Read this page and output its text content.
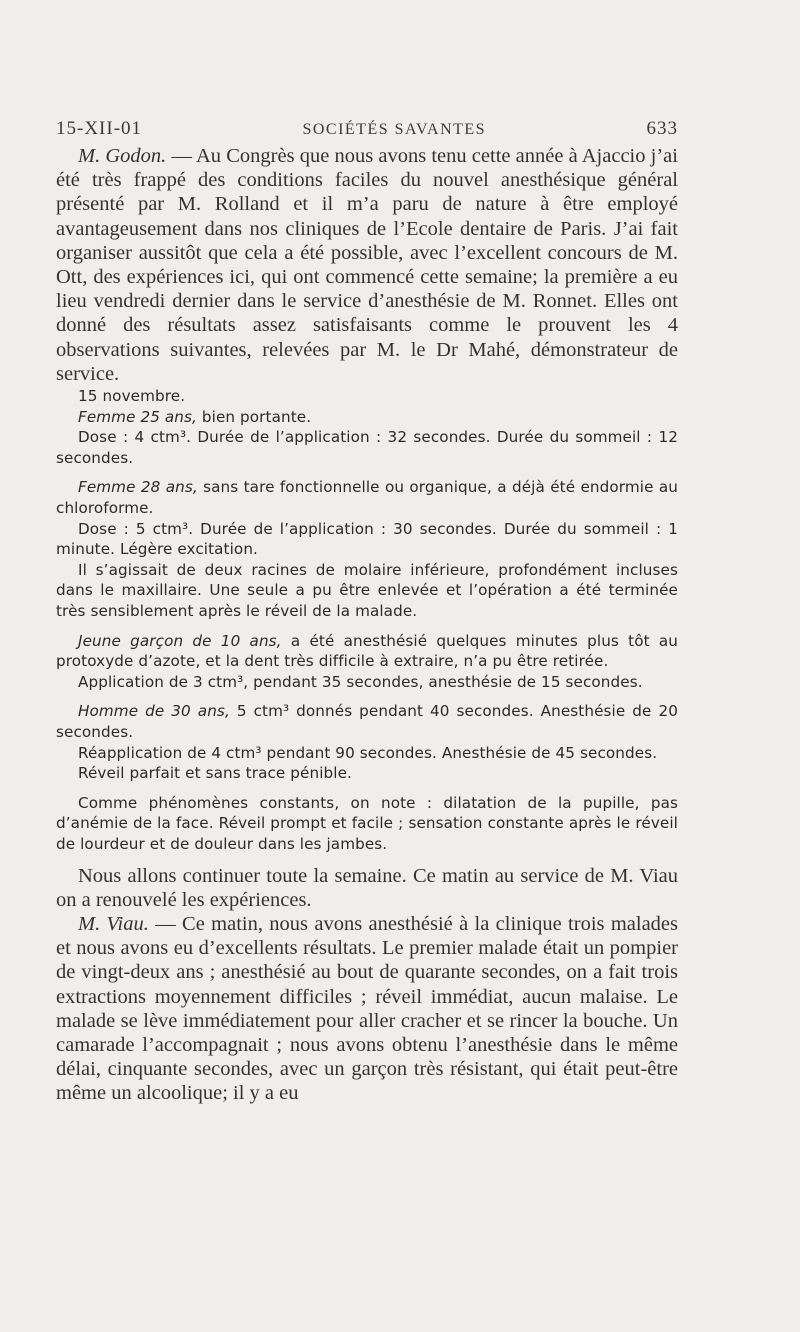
15-XII-01	SOCIÉTÉS SAVANTES	633

M. Godon. — Au Congrès que nous avons tenu cette année à Ajaccio j’ai été très frappé des conditions faciles du nouvel anesthésique général présenté par M. Rolland et il m’a paru de nature à être employé avantageusement dans nos cliniques de l’Ecole dentaire de Paris. J’ai fait organiser aussitôt que cela a été possible, avec l’excellent concours de M. Ott, des expériences ici, qui ont commencé cette semaine; la première a eu lieu vendredi dernier dans le service d’anesthésie de M. Ronnet. Elles ont donné des résultats assez satisfaisants comme le prouvent les 4 observations suivantes, relevées par M. le Dr Mahé, démonstrateur de service.

15 novembre.

Femme 25 ans, bien portante.

Dose : 4 ctm³. Durée de l’application : 32 secondes. Durée du sommeil : 12 secondes.

Femme 28 ans, sans tare fonctionnelle ou organique, a déjà été endormie au chloroforme.

Dose : 5 ctm³. Durée de l’application : 30 secondes. Durée du sommeil : 1 minute. Légère excitation.

Il s’agissait de deux racines de molaire inférieure, profondément incluses dans le maxillaire. Une seule a pu être enlevée et l’opération a été terminée très sensiblement après le réveil de la malade.

Jeune garçon de 10 ans, a été anesthésié quelques minutes plus tôt au protoxyde d’azote, et la dent très difficile à extraire, n’a pu être retirée.

Application de 3 ctm³, pendant 35 secondes, anesthésie de 15 secondes.

Homme de 30 ans, 5 ctm³ donnés pendant 40 secondes. Anesthésie de 20 secondes.

Réapplication de 4 ctm³ pendant 90 secondes. Anesthésie de 45 secondes.

Réveil parfait et sans trace pénible.

Comme phénomènes constants, on note : dilatation de la pupille, pas d’anémie de la face. Réveil prompt et facile ; sensation constante après le réveil de lourdeur et de douleur dans les jambes.

Nous allons continuer toute la semaine. Ce matin au service de M. Viau on a renouvelé les expériences.

M. Viau. — Ce matin, nous avons anesthésié à la clinique trois malades et nous avons eu d’excellents résultats. Le premier malade était un pompier de vingt-deux ans ; anesthésié au bout de quarante secondes, on a fait trois extractions moyennement difficiles ; réveil immédiat, aucun malaise. Le malade se lève immédiatement pour aller cracher et se rincer la bouche. Un camarade l’accompagnait ; nous avons obtenu l’anesthésie dans le même délai, cinquante secondes, avec un garçon très résistant, qui était peut-être même un alcoolique; il y a eu
